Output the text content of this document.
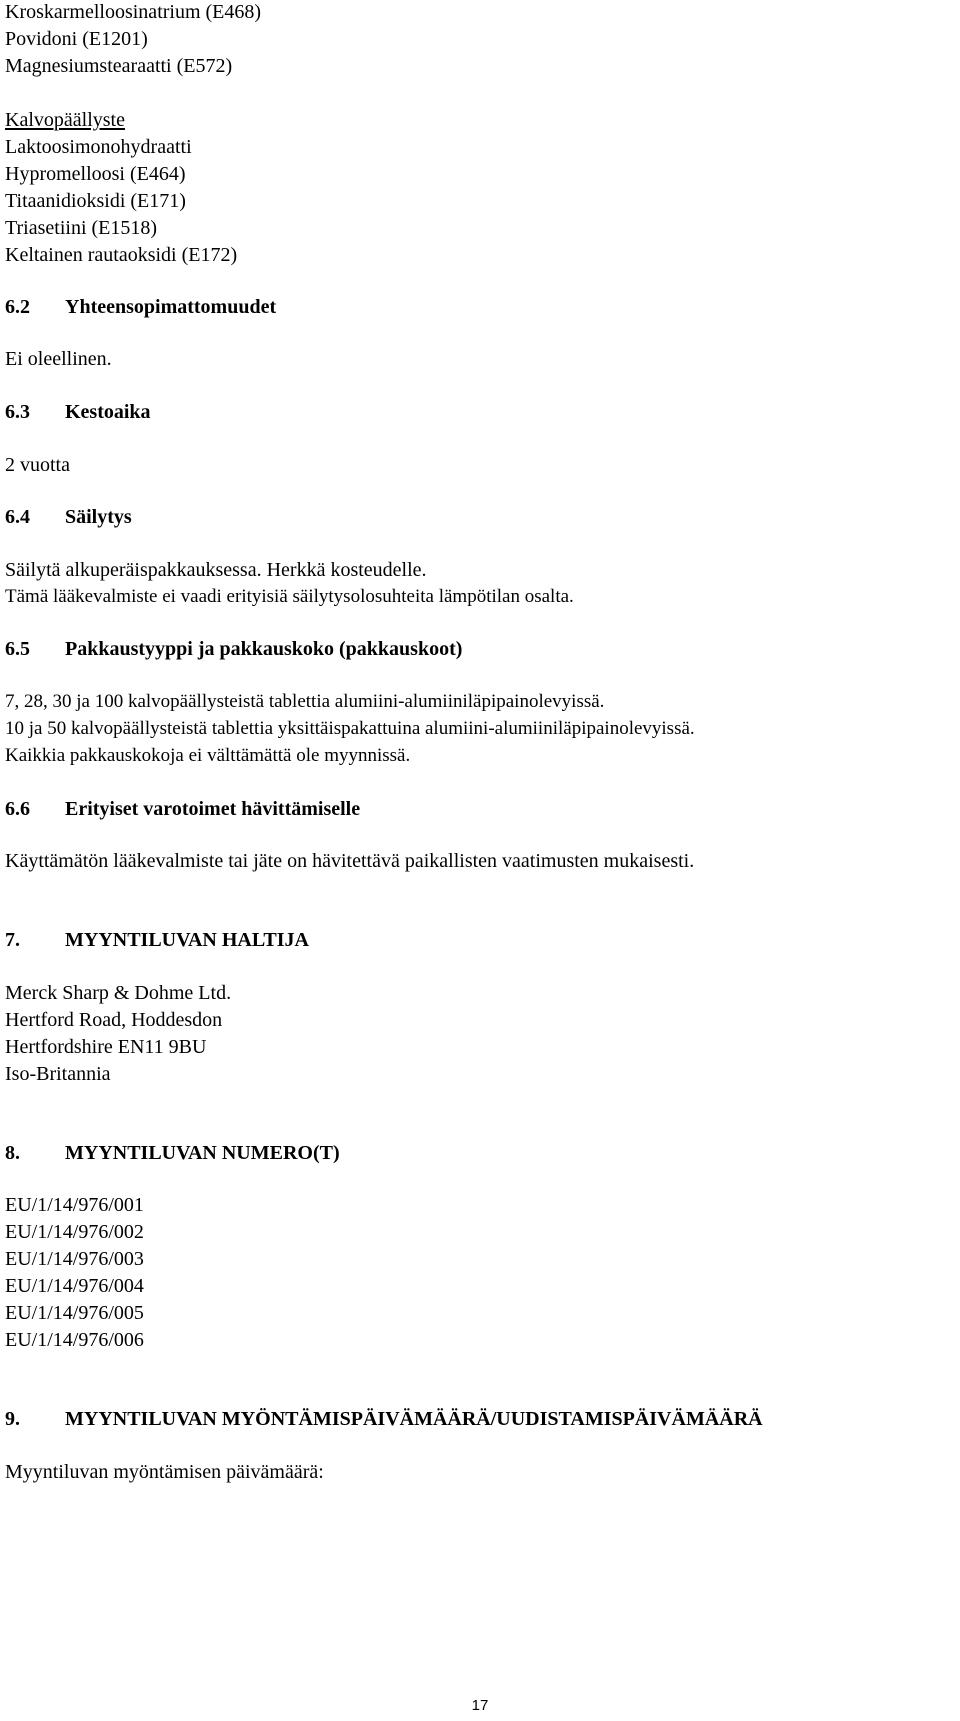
Kroskarmelloosinatrium (E468)
Povidoni (E1201)
Magnesiumstearaatti (E572)
Kalvopäällyste
Laktoosimonohydraatti
Hypromelloosi (E464)
Titaanidioksidi (E171)
Triasetiini (E1518)
Keltainen rautaoksidi (E172)
6.2 Yhteensopimattomuudet
Ei oleellinen.
6.3 Kestoaika
2 vuotta
6.4 Säilytys
Säilytä alkuperäispakkauksessa. Herkkä kosteudelle.
Tämä lääkevalmiste ei vaadi erityisiä säilytysolosuhteita lämpötilan osalta.
6.5 Pakkaustyyppi ja pakkauskoko (pakkauskoot)
7, 28, 30 ja 100 kalvopäällysteistä tablettia alumiini-alumiiniläpipainolevyissä.
10 ja 50 kalvopäällysteistä tablettia yksittäispakattuina alumiini-alumiiniläpipainolevyissä.
Kaikkia pakkauskokoja ei välttämättä ole myynnissä.
6.6 Erityiset varotoimet hävittämiselle
Käyttämätön lääkevalmiste tai jäte on hävitettävä paikallisten vaatimusten mukaisesti.
7. MYYNTILUVAN HALTIJA
Merck Sharp & Dohme Ltd.
Hertford Road, Hoddesdon
Hertfordshire EN11 9BU
Iso-Britannia
8. MYYNTILUVAN NUMERO(T)
EU/1/14/976/001
EU/1/14/976/002
EU/1/14/976/003
EU/1/14/976/004
EU/1/14/976/005
EU/1/14/976/006
9. MYYNTILUVAN MYÖNTÄMISPÄIVÄMÄÄRÄ/UUDISTAMISPÄIVÄMÄÄRÄ
Myyntiluvan myöntämisen päivämäärä:
17
